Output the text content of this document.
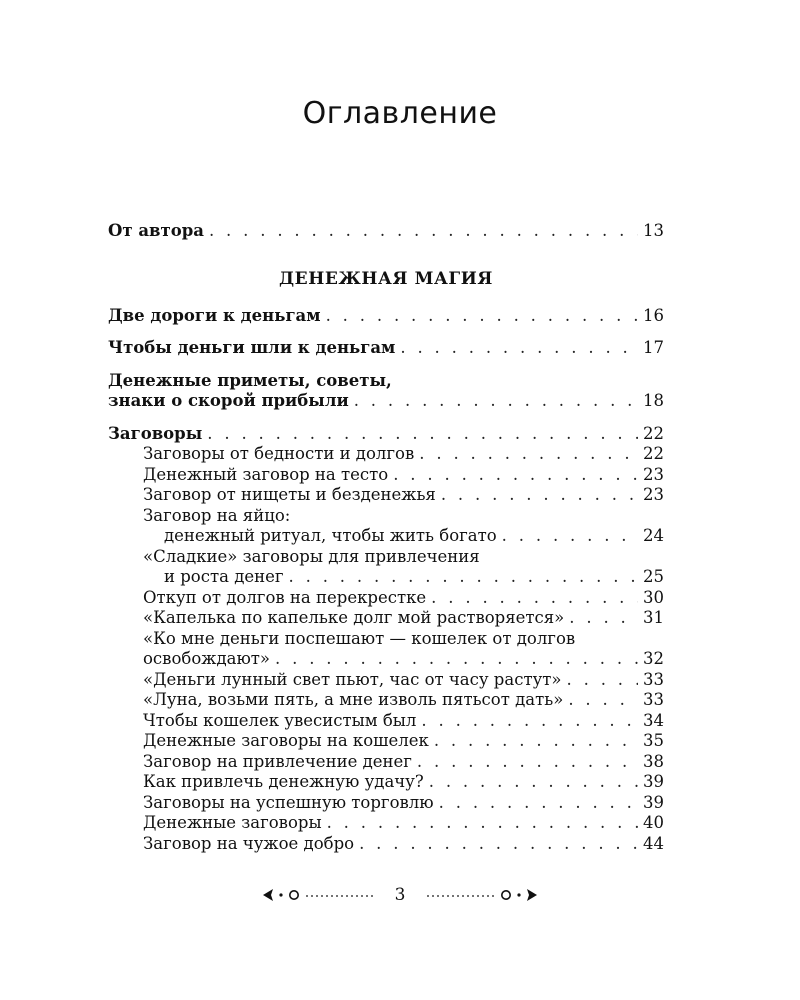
Оглавление
От автора . . .	13
ДЕНЕЖНАЯ МАГИЯ
Две дороги к деньгам . . .	16
Чтобы деньги шли к деньгам . . .	17
Денежные приметы, советы,
знаки о скорой прибыли . . .	18
Заговоры . . .	22
Заговоры от бедности и долгов . . .	22
Денежный заговор на тесто . . .	23
Заговор от нищеты и безденежья . . .	23
Заговор на яйцо:
денежный ритуал, чтобы жить богато . . .	24
«Сладкие» заговоры для привлечения
и роста денег . . .	25
Откуп от долгов на перекрестке . . .	30
«Капелька по капельке долг мой растворяется» . . .	31
«Ко мне деньги поспешают — кошелек от долгов
освобождают» . . .	32
«Деньги лунный свет пьют, час от часу растут» . . .	33
«Луна, возьми пять, а мне изволь пятьсот дать» . . .	33
Чтобы кошелек увесистым был . . .	34
Денежные заговоры на кошелек . . .	35
Заговор на привлечение денег . . .	38
Как привлечь денежную удачу? . . .	39
Заговоры на успешную торговлю . . .	39
Денежные заговоры . . .	40
Заговор на чужое добро . . .	44
3
